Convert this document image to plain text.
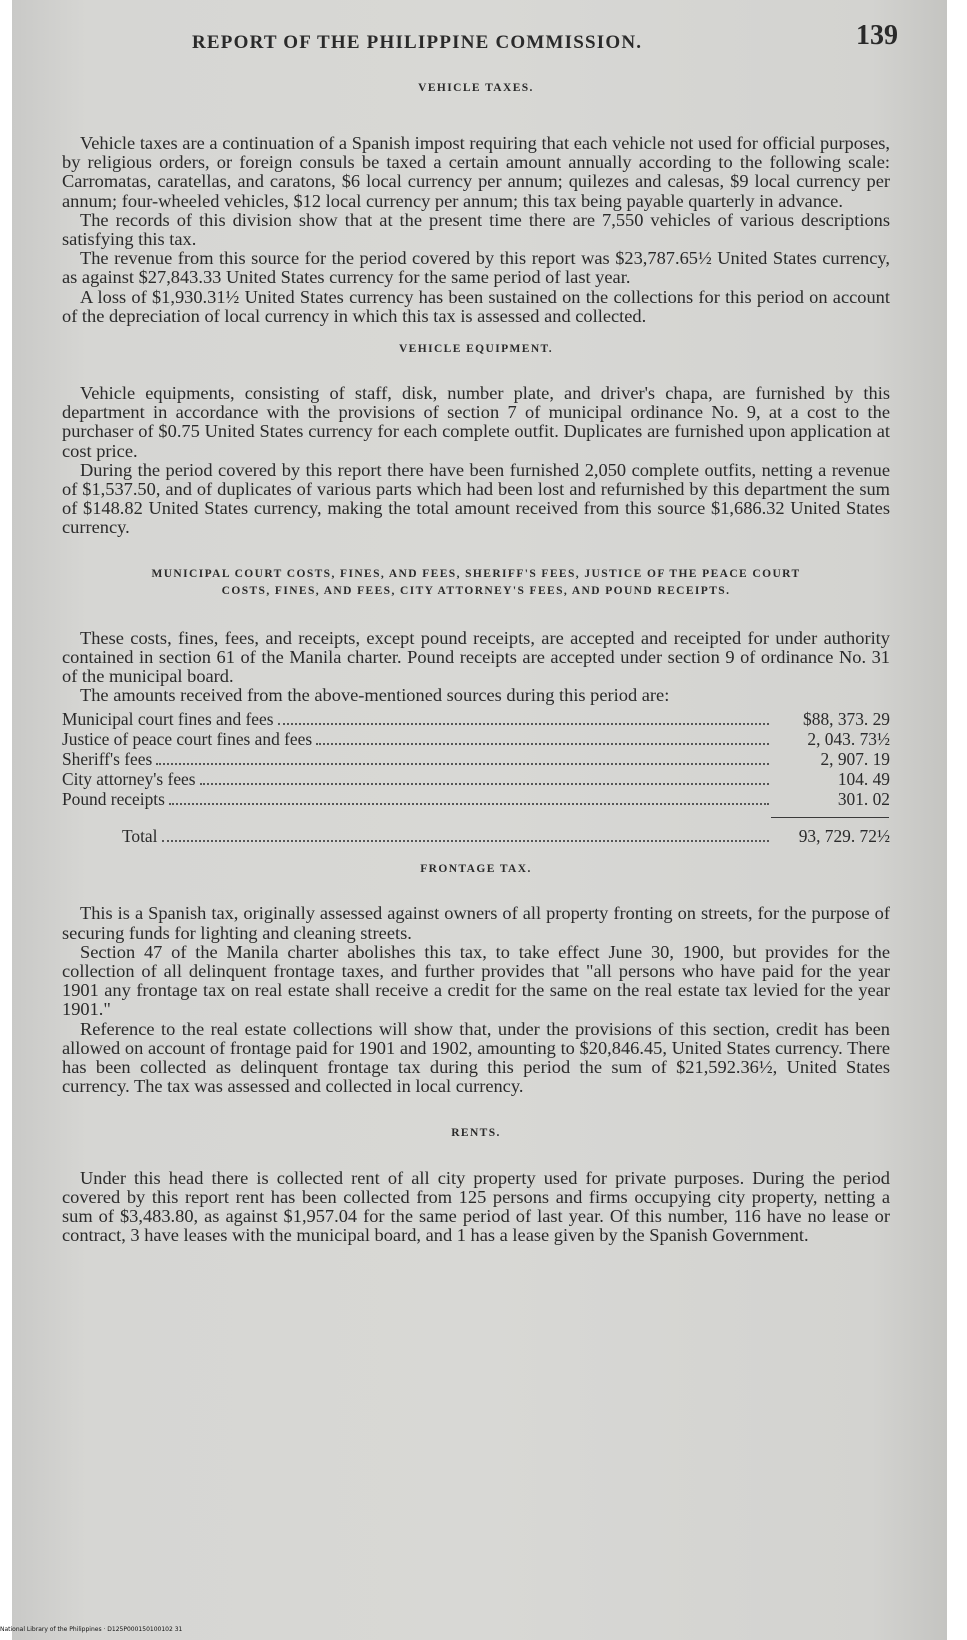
REPORT OF THE PHILIPPINE COMMISSION.	139
VEHICLE TAXES.

Vehicle taxes are a continuation of a Spanish impost requiring that each vehicle not used for official purposes, by religious orders, or foreign consuls be taxed a certain amount annually according to the following scale: Carromatas, caratellas, and caratons, $6 local currency per annum; quilezes and calesas, $9 local currency per annum; four-wheeled vehicles, $12 local currency per annum; this tax being payable quarterly in advance.

The records of this division show that at the present time there are 7,550 vehicles of various descriptions satisfying this tax.

The revenue from this source for the period covered by this report was $23,787.65½ United States currency, as against $27,843.33 United States currency for the same period of last year.

A loss of $1,930.31½ United States currency has been sustained on the collections for this period on account of the depreciation of local currency in which this tax is assessed and collected.

VEHICLE EQUIPMENT.

Vehicle equipments, consisting of staff, disk, number plate, and driver's chapa, are furnished by this department in accordance with the provisions of section 7 of municipal ordinance No. 9, at a cost to the purchaser of $0.75 United States currency for each complete outfit. Duplicates are furnished upon application at cost price.

During the period covered by this report there have been furnished 2,050 complete outfits, netting a revenue of $1,537.50, and of duplicates of various parts which had been lost and refurnished by this department the sum of $148.82 United States currency, making the total amount received from this source $1,686.32 United States currency.

MUNICIPAL COURT COSTS, FINES, AND FEES, SHERIFF'S FEES, JUSTICE OF THE PEACE COURT
COSTS, FINES, AND FEES, CITY ATTORNEY'S FEES, AND POUND RECEIPTS.

These costs, fines, fees, and receipts, except pound receipts, are accepted and receipted for under authority contained in section 61 of the Manila charter. Pound receipts are accepted under section 9 of ordinance No. 31 of the municipal board.

The amounts received from the above-mentioned sources during this period are:

Municipal court fines and fees	$88, 373. 29
Justice of peace court fines and fees	2, 043. 73½
Sheriff's fees	2, 907. 19
City attorney's fees	104. 49
Pound receipts	301. 02
Total	93, 729. 72½
FRONTAGE TAX.

This is a Spanish tax, originally assessed against owners of all property fronting on streets, for the purpose of securing funds for lighting and cleaning streets.

Section 47 of the Manila charter abolishes this tax, to take effect June 30, 1900, but provides for the collection of all delinquent frontage taxes, and further provides that "all persons who have paid for the year 1901 any frontage tax on real estate shall receive a credit for the same on the real estate tax levied for the year 1901."

Reference to the real estate collections will show that, under the provisions of this section, credit has been allowed on account of frontage paid for 1901 and 1902, amounting to $20,846.45, United States currency. There has been collected as delinquent frontage tax during this period the sum of $21,592.36½, United States currency. The tax was assessed and collected in local currency.

RENTS.

Under this head there is collected rent of all city property used for private purposes. During the period covered by this report rent has been collected from 125 persons and firms occupying city property, netting a sum of $3,483.80, as against $1,957.04 for the same period of last year. Of this number, 116 have no lease or contract, 3 have leases with the municipal board, and 1 has a lease given by the Spanish Government.

National Library of the Philippines · D125P000150100102 31
